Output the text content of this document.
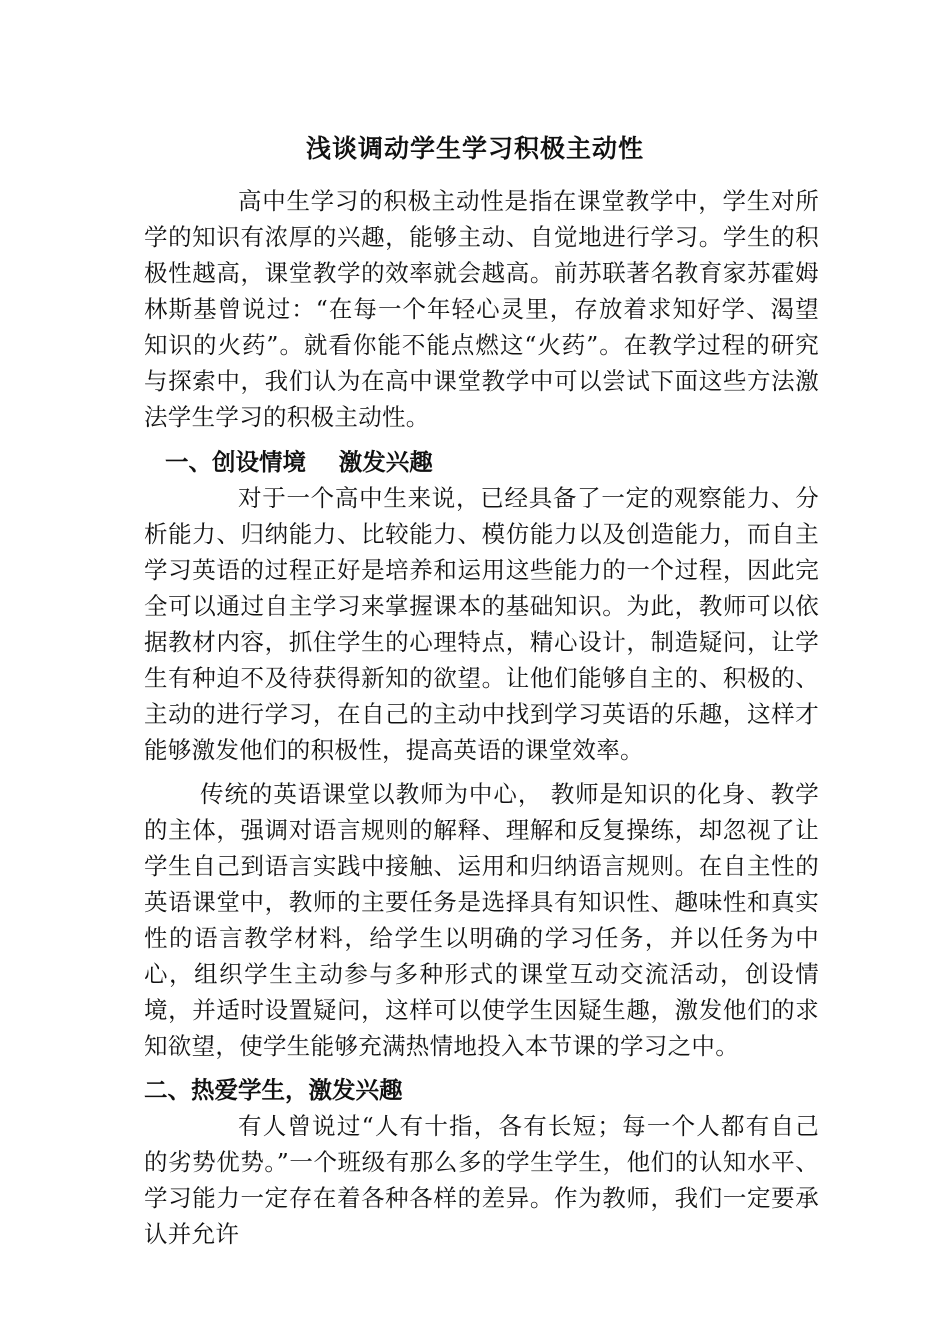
浅谈调动学生学习积极主动性

高中生学习的积极主动性是指在课堂教学中，学生对所学的知识有浓厚的兴趣，能够主动、自觉地进行学习。学生的积极性越高，课堂教学的效率就会越高。前苏联著名教育家苏霍姆林斯基曾说过：“在每一个年轻心灵里，存放着求知好学、渴望知识的火药”。就看你能不能点燃这“火药”。在教学过程的研究与探索中，我们认为在高中课堂教学中可以尝试下面这些方法激法学生学习的积极主动性。

一、创设情境    激发兴趣

对于一个高中生来说，已经具备了一定的观察能力、分析能力、归纳能力、比较能力、模仿能力以及创造能力，而自主学习英语的过程正好是培养和运用这些能力的一个过程，因此完全可以通过自主学习来掌握课本的基础知识。为此，教师可以依据教材内容，抓住学生的心理特点，精心设计，制造疑问，让学生有种迫不及待获得新知的欲望。让他们能够自主的、积极的、主动的进行学习，在自己的主动中找到学习英语的乐趣，这样才能够激发他们的积极性，提高英语的课堂效率。

传统的英语课堂以教师为中心， 教师是知识的化身、教学的主体，强调对语言规则的解释、理解和反复操练，却忽视了让学生自己到语言实践中接触、运用和归纳语言规则。在自主性的英语课堂中，教师的主要任务是选择具有知识性、趣味性和真实性的语言教学材料，给学生以明确的学习任务，并以任务为中心，组织学生主动参与多种形式的课堂互动交流活动，创设情境，并适时设置疑问，这样可以使学生因疑生趣，激发他们的求知欲望，使学生能够充满热情地投入本节课的学习之中。

二、热爱学生，激发兴趣

有人曾说过“人有十指，各有长短；每一个人都有自己的劣势优势。”一个班级有那么多的学生学生，他们的认知水平、学习能力一定存在着各种各样的差异。作为教师，我们一定要承认并允许
